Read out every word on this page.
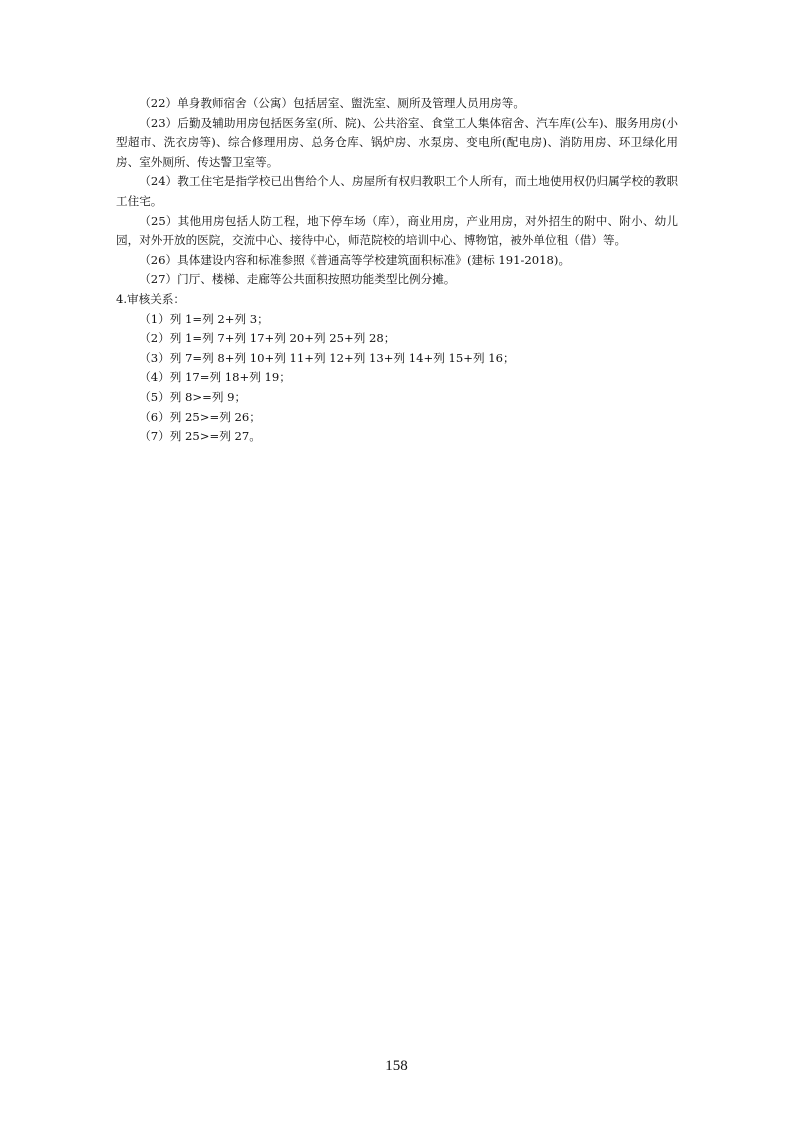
（22）单身教师宿舍（公寓）包括居室、盥洗室、厕所及管理人员用房等。

（23）后勤及辅助用房包括医务室(所、院)、公共浴室、食堂工人集体宿舍、汽车库(公车)、服务用房(小型超市、洗衣房等)、综合修理用房、总务仓库、锅炉房、水泵房、变电所(配电房)、消防用房、环卫绿化用房、室外厕所、传达警卫室等。

（24）教工住宅是指学校已出售给个人、房屋所有权归教职工个人所有，而土地使用权仍归属学校的教职工住宅。

（25）其他用房包括人防工程，地下停车场（库），商业用房，产业用房，对外招生的附中、附小、幼儿园，对外开放的医院，交流中心、接待中心，师范院校的培训中心、博物馆，被外单位租（借）等。

（26）具体建设内容和标准参照《普通高等学校建筑面积标准》(建标 191-2018)。

（27）门厅、楼梯、走廊等公共面积按照功能类型比例分摊。

4.审核关系：

（1）列 1=列 2+列 3；

（2）列 1=列 7+列 17+列 20+列 25+列 28；

（3）列 7=列 8+列 10+列 11+列 12+列 13+列 14+列 15+列 16；

（4）列 17=列 18+列 19；

（5）列 8>=列 9；

（6）列 25>=列 26；

（7）列 25>=列 27。

158
